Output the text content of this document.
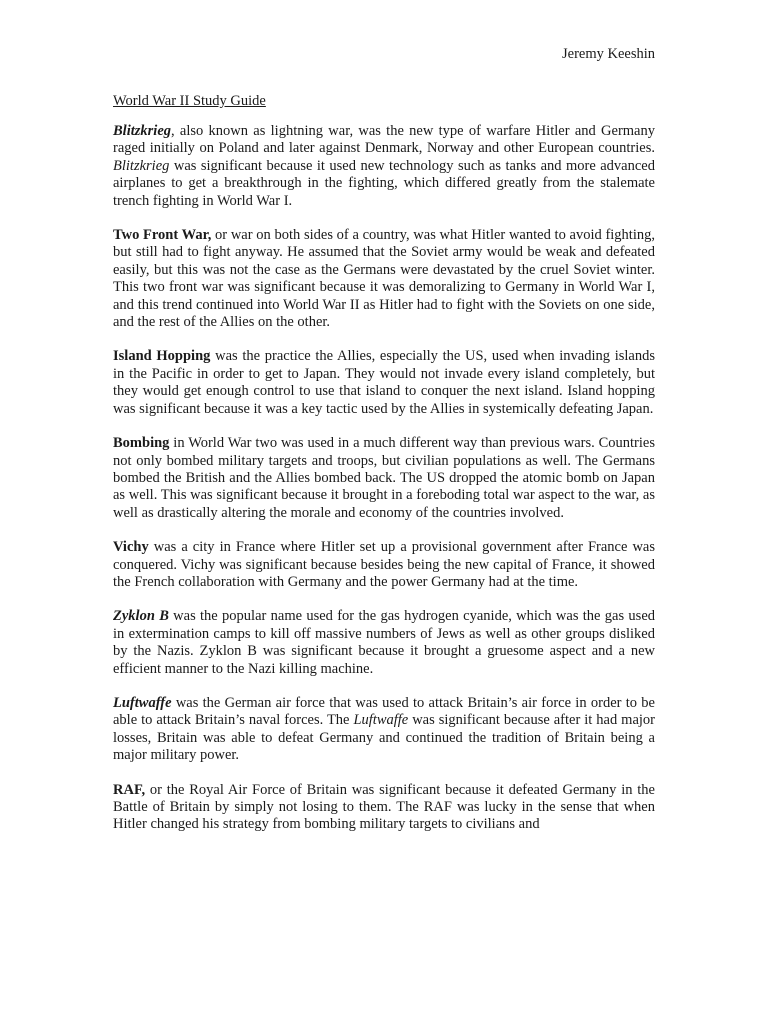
Jeremy Keeshin
World War II Study Guide

Blitzkrieg, also known as lightning war, was the new type of warfare Hitler and Germany raged initially on Poland and later against Denmark, Norway and other European countries. Blitzkrieg was significant because it used new technology such as tanks and more advanced airplanes to get a breakthrough in the fighting, which differed greatly from the stalemate trench fighting in World War I.

Two Front War, or war on both sides of a country, was what Hitler wanted to avoid fighting, but still had to fight anyway. He assumed that the Soviet army would be weak and defeated easily, but this was not the case as the Germans were devastated by the cruel Soviet winter. This two front war was significant because it was demoralizing to Germany in World War I, and this trend continued into World War II as Hitler had to fight with the Soviets on one side, and the rest of the Allies on the other.

Island Hopping was the practice the Allies, especially the US, used when invading islands in the Pacific in order to get to Japan. They would not invade every island completely, but they would get enough control to use that island to conquer the next island. Island hopping was significant because it was a key tactic used by the Allies in systemically defeating Japan.

Bombing in World War two was used in a much different way than previous wars. Countries not only bombed military targets and troops, but civilian populations as well. The Germans bombed the British and the Allies bombed back. The US dropped the atomic bomb on Japan as well. This was significant because it brought in a foreboding total war aspect to the war, as well as drastically altering the morale and economy of the countries involved.

Vichy was a city in France where Hitler set up a provisional government after France was conquered. Vichy was significant because besides being the new capital of France, it showed the French collaboration with Germany and the power Germany had at the time.

Zyklon B was the popular name used for the gas hydrogen cyanide, which was the gas used in extermination camps to kill off massive numbers of Jews as well as other groups disliked by the Nazis. Zyklon B was significant because it brought a gruesome aspect and a new efficient manner to the Nazi killing machine.

Luftwaffe was the German air force that was used to attack Britain’s air force in order to be able to attack Britain’s naval forces. The Luftwaffe was significant because after it had major losses, Britain was able to defeat Germany and continued the tradition of Britain being a major military power.

RAF, or the Royal Air Force of Britain was significant because it defeated Germany in the Battle of Britain by simply not losing to them. The RAF was lucky in the sense that when Hitler changed his strategy from bombing military targets to civilians and
